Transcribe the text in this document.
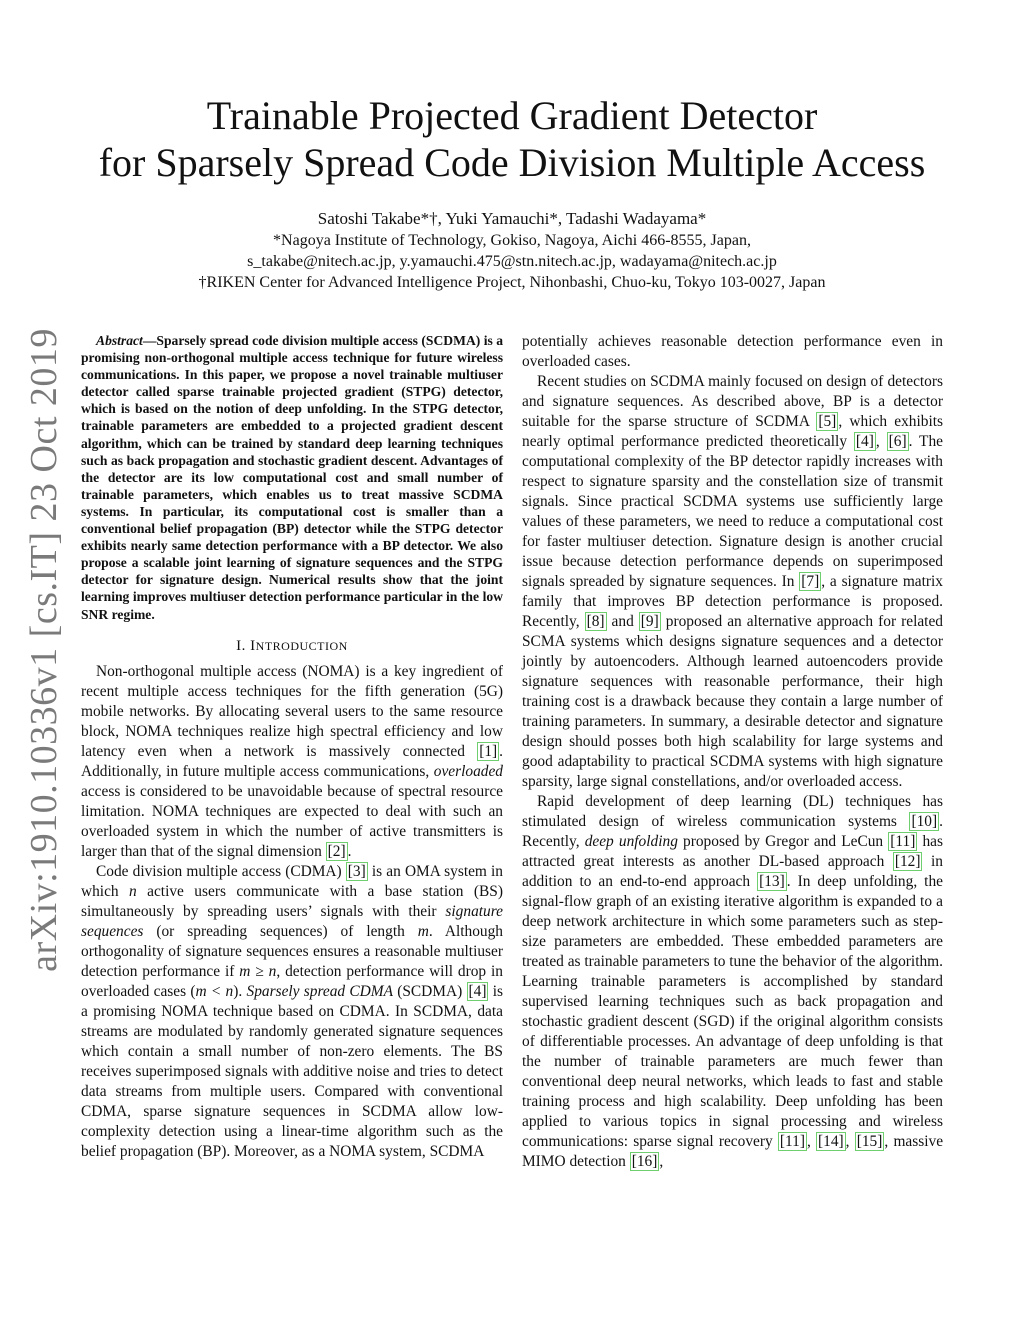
arXiv:1910.10336v1 [cs.IT] 23 Oct 2019
Trainable Projected Gradient Detector
for Sparsely Spread Code Division Multiple Access
Satoshi Takabe*†, Yuki Yamauchi*, Tadashi Wadayama*
*Nagoya Institute of Technology, Gokiso, Nagoya, Aichi 466-8555, Japan,
s_takabe@nitech.ac.jp, y.yamauchi.475@stn.nitech.ac.jp, wadayama@nitech.ac.jp
†RIKEN Center for Advanced Intelligence Project, Nihonbashi, Chuo-ku, Tokyo 103-0027, Japan

Abstract—Sparsely spread code division multiple access (SCDMA) is a promising non-orthogonal multiple access technique for future wireless communications. In this paper, we propose a novel trainable multiuser detector called sparse trainable projected gradient (STPG) detector, which is based on the notion of deep unfolding. In the STPG detector, trainable parameters are embedded to a projected gradient descent algorithm, which can be trained by standard deep learning techniques such as back propagation and stochastic gradient descent. Advantages of the detector are its low computational cost and small number of trainable parameters, which enables us to treat massive SCDMA systems. In particular, its computational cost is smaller than a conventional belief propagation (BP) detector while the STPG detector exhibits nearly same detection performance with a BP detector. We also propose a scalable joint learning of signature sequences and the STPG detector for signature design. Numerical results show that the joint learning improves multiuser detection performance particular in the low SNR regime.

I. INTRODUCTION

Non-orthogonal multiple access (NOMA) is a key ingredient of recent multiple access techniques for the fifth generation (5G) mobile networks. By allocating several users to the same resource block, NOMA techniques realize high spectral efficiency and low latency even when a network is massively connected [1] . Additionally, in future multiple access communications, overloaded access is considered to be unavoidable because of spectral resource limitation. NOMA techniques are expected to deal with such an overloaded system in which the number of active transmitters is larger than that of the signal dimension [2] .

Code division multiple access (CDMA) [3] is an OMA system in which n active users communicate with a base station (BS) simultaneously by spreading users’ signals with their signature sequences (or spreading sequences) of length m. Although orthogonality of signature sequences ensures a reasonable multiuser detection performance if m ≥ n, detection performance will drop in overloaded cases (m < n). Sparsely spread CDMA (SCDMA) [4] is a promising NOMA technique based on CDMA. In SCDMA, data streams are modulated by randomly generated signature sequences which contain a small number of non-zero elements. The BS receives superimposed signals with additive noise and tries to detect data streams from multiple users. Compared with conventional CDMA, sparse signature sequences in SCDMA allow low-complexity detection using a linear-time algorithm such as the belief propagation (BP). Moreover, as a NOMA system, SCDMA

potentially achieves reasonable detection performance even in overloaded cases.

Recent studies on SCDMA mainly focused on design of detectors and signature sequences. As described above, BP is a detector suitable for the sparse structure of SCDMA [5] , which exhibits nearly optimal performance predicted theoretically [4] , [6] . The computational complexity of the BP detector rapidly increases with respect to signature sparsity and the constellation size of transmit signals. Since practical SCDMA systems use sufficiently large values of these parameters, we need to reduce a computational cost for faster multiuser detection. Signature design is another crucial issue because detection performance depends on superimposed signals spreaded by signature sequences. In [7] , a signature matrix family that improves BP detection performance is proposed. Recently, [8] and [9] proposed an alternative approach for related SCMA systems which designs signature sequences and a detector jointly by autoencoders. Although learned autoencoders provide signature sequences with reasonable performance, their high training cost is a drawback because they contain a large number of training parameters. In summary, a desirable detector and signature design should posses both high scalability for large systems and good adaptability to practical SCDMA systems with high signature sparsity, large signal constellations, and/or overloaded access.

Rapid development of deep learning (DL) techniques has stimulated design of wireless communication systems [10] . Recently, deep unfolding proposed by Gregor and LeCun [11] has attracted great interests as another DL-based approach [12] in addition to an end-to-end approach [13] . In deep unfolding, the signal-flow graph of an existing iterative algorithm is expanded to a deep network architecture in which some parameters such as step-size parameters are embedded. These embedded parameters are treated as trainable parameters to tune the behavior of the algorithm. Learning trainable parameters is accomplished by standard supervised learning techniques such as back propagation and stochastic gradient descent (SGD) if the original algorithm consists of differentiable processes. An advantage of deep unfolding is that the number of trainable parameters are much fewer than conventional deep neural networks, which leads to fast and stable training process and high scalability. Deep unfolding has been applied to various topics in signal processing and wireless communications: sparse signal recovery [11] , [14] , [15] , massive MIMO detection [16] ,
